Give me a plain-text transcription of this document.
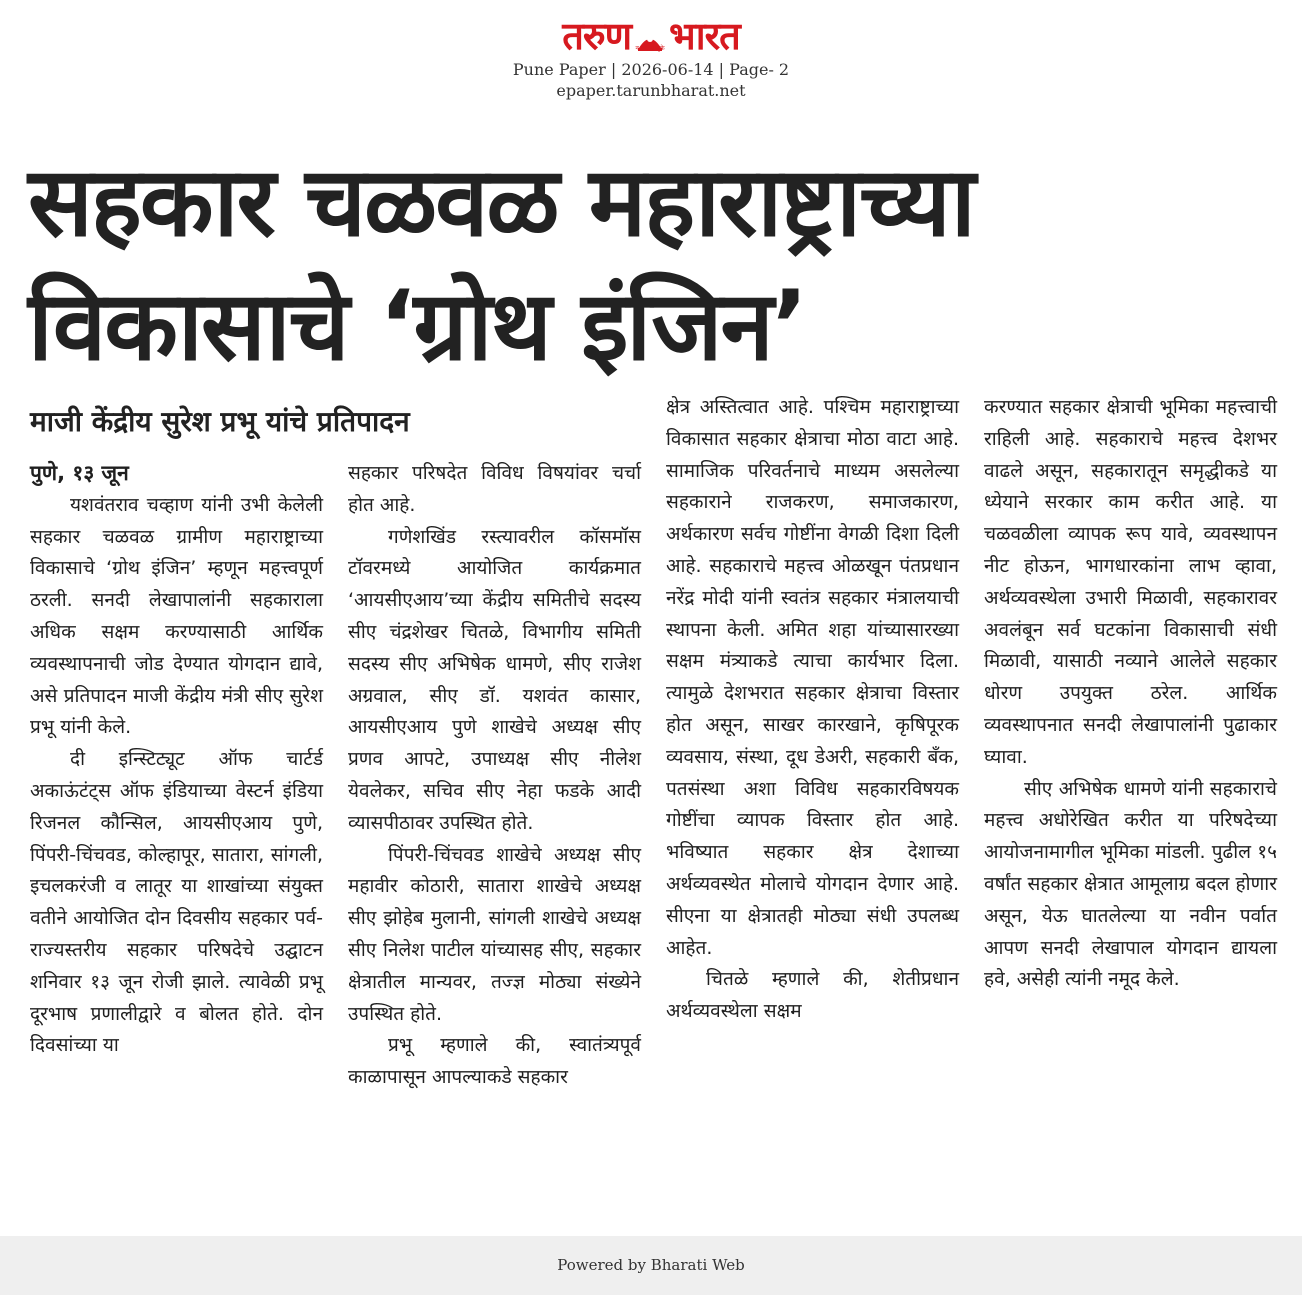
तरुण न डरे, न झुके भारत
Pune Paper | 2026-06-14 | Page- 2
epaper.tarunbharat.net
सहकार चळवळ महाराष्ट्राच्या
विकासाचे ‘ग्रोथ इंजिन’
माजी केंद्रीय सुरेश प्रभू यांचे प्रतिपादन
पुणे, १३ जून

यशवंतराव चव्हाण यांनी उभी केलेली सहकार चळवळ ग्रामीण महाराष्ट्राच्या विकासाचे ‘ग्रोथ इंजिन’ म्हणून महत्त्वपूर्ण ठरली. सनदी लेखापालांनी सहकाराला अधिक सक्षम करण्यासाठी आर्थिक व्यवस्थापनाची जोड देण्यात योगदान द्यावे, असे प्रतिपादन माजी केंद्रीय मंत्री सीए सुरेश प्रभू यांनी केले.

दी इन्स्टिट्यूट ऑफ चार्टर्ड अकाऊंटंट्स ऑफ इंडियाच्या वेस्टर्न इंडिया रिजनल कौन्सिल, आयसीएआय पुणे, पिंपरी-चिंचवड, कोल्हापूर, सातारा, सांगली, इचलकरंजी व लातूर या शाखांच्या संयुक्त वतीने आयोजित दोन दिवसीय सहकार पर्व- राज्यस्तरीय सहकार परिषदेचे उद्घाटन शनिवार १३ जून रोजी झाले. त्यावेळी प्रभू दूरभाष प्रणालीद्वारे व बोलत होते. दोन दिवसांच्या या

सहकार परिषदेत विविध विषयांवर चर्चा होत आहे.

गणेशखिंड रस्त्यावरील कॉसमॉस टॉवरमध्ये आयोजित कार्यक्रमात ‘आयसीएआय’च्या केंद्रीय समितीचे सदस्य सीए चंद्रशेखर चितळे, विभागीय समिती सदस्य सीए अभिषेक धामणे, सीए राजेश अग्रवाल, सीए डॉ. यशवंत कासार, आयसीएआय पुणे शाखेचे अध्यक्ष सीए प्रणव आपटे, उपाध्यक्ष सीए नीलेश येवलेकर, सचिव सीए नेहा फडके आदी व्यासपीठावर उपस्थित होते.

पिंपरी-चिंचवड शाखेचे अध्यक्ष सीए महावीर कोठारी, सातारा शाखेचे अध्यक्ष सीए झोहेब मुलानी, सांगली शाखेचे अध्यक्ष सीए निलेश पाटील यांच्यासह सीए, सहकार क्षेत्रातील मान्यवर, तज्ज्ञ मोठ्या संख्येने उपस्थित होते.

प्रभू म्हणाले की, स्वातंत्र्यपूर्व काळापासून आपल्याकडे सहकार

क्षेत्र अस्तित्वात आहे. पश्चिम महाराष्ट्राच्या विकासात सहकार क्षेत्राचा मोठा वाटा आहे. सामाजिक परिवर्तनाचे माध्यम असलेल्या सहकाराने राजकरण, समाजकारण, अर्थकारण सर्वच गोष्टींना वेगळी दिशा दिली आहे. सहकाराचे महत्त्व ओळखून पंतप्रधान नरेंद्र मोदी यांनी स्वतंत्र सहकार मंत्रालयाची स्थापना केली. अमित शहा यांच्यासारख्या सक्षम मंत्र्याकडे त्याचा कार्यभार दिला. त्यामुळे देशभरात सहकार क्षेत्राचा विस्तार होत असून, साखर कारखाने, कृषिपूरक व्यवसाय, संस्था, दूध डेअरी, सहकारी बँक, पतसंस्था अशा विविध सहकारविषयक गोष्टींचा व्यापक विस्तार होत आहे. भविष्यात सहकार क्षेत्र देशाच्या अर्थव्यवस्थेत मोलाचे योगदान देणार आहे. सीएना या क्षेत्रातही मोठ्या संधी उपलब्ध आहेत.

चितळे म्हणाले की, शेतीप्रधान अर्थव्यवस्थेला सक्षम

करण्यात सहकार क्षेत्राची भूमिका महत्त्वाची राहिली आहे. सहकाराचे महत्त्व देशभर वाढले असून, सहकारातून समृद्धीकडे या ध्येयाने सरकार काम करीत आहे. या चळवळीला व्यापक रूप यावे, व्यवस्थापन नीट होऊन, भागधारकांना लाभ व्हावा, अर्थव्यवस्थेला उभारी मिळावी, सहकारावर अवलंबून सर्व घटकांना विकासाची संधी मिळावी, यासाठी नव्याने आलेले सहकार धोरण उपयुक्त ठरेल. आर्थिक व्यवस्थापनात सनदी लेखापालांनी पुढाकार घ्यावा.

सीए अभिषेक धामणे यांनी सहकाराचे महत्त्व अधोरेखित करीत या परिषदेच्या आयोजनामागील भूमिका मांडली. पुढील १५ वर्षांत सहकार क्षेत्रात आमूलाग्र बदल होणार असून, येऊ घातलेल्या या नवीन पर्वात आपण सनदी लेखापाल योगदान द्यायला हवे, असेही त्यांनी नमूद केले.

Powered by Bharati Web
